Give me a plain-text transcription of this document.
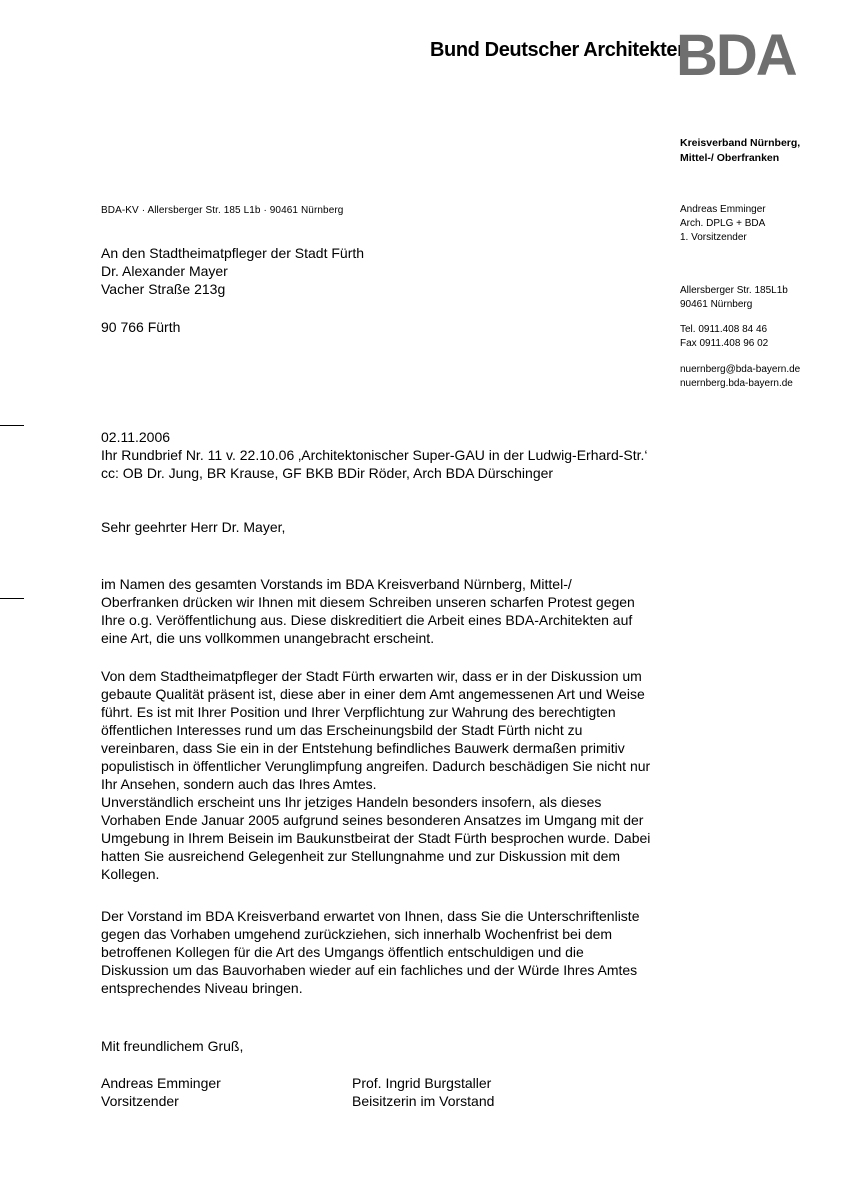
Bund Deutscher Architekten
BDA
Kreisverband Nürnberg,
Mittel-/ Oberfranken
Andreas Emminger
Arch. DPLG + BDA
1. Vorsitzender
Allersberger Str. 185L1b
90461 Nürnberg
Tel. 0911.408 84 46
Fax 0911.408 96 02
nuernberg@bda-bayern.de
nuernberg.bda-bayern.de
BDA-KV · Allersberger Str. 185 L1b · 90461 Nürnberg
An den Stadtheimatpfleger der Stadt Fürth
Dr. Alexander Mayer
Vacher Straße 213g
90 766 Fürth
02.11.2006
Ihr Rundbrief Nr. 11 v. 22.10.06 ‚Architektonischer Super-GAU in der Ludwig-Erhard-Str.‘
cc: OB Dr. Jung, BR Krause, GF BKB BDir Röder, Arch BDA Dürschinger
Sehr geehrter Herr Dr. Mayer,
im Namen des gesamten Vorstands im BDA Kreisverband Nürnberg, Mittel-/
Oberfranken drücken wir Ihnen mit diesem Schreiben unseren scharfen Protest gegen
Ihre o.g. Veröffentlichung aus. Diese diskreditiert die Arbeit eines BDA-Architekten auf
eine Art, die uns vollkommen unangebracht erscheint.
Von dem Stadtheimatpfleger der Stadt Fürth erwarten wir, dass er in der Diskussion um
gebaute Qualität präsent ist, diese aber in einer dem Amt angemessenen Art und Weise
führt. Es ist mit Ihrer Position und Ihrer Verpflichtung zur Wahrung des berechtigten
öffentlichen Interesses rund um das Erscheinungsbild der Stadt Fürth nicht zu
vereinbaren, dass Sie ein in der Entstehung befindliches Bauwerk dermaßen primitiv
populistisch in öffentlicher Verunglimpfung angreifen. Dadurch beschädigen Sie nicht nur
Ihr Ansehen, sondern auch das Ihres Amtes.
Unverständlich erscheint uns Ihr jetziges Handeln besonders insofern, als dieses
Vorhaben Ende Januar 2005 aufgrund seines besonderen Ansatzes im Umgang mit der
Umgebung in Ihrem Beisein im Baukunstbeirat der Stadt Fürth besprochen wurde. Dabei
hatten Sie ausreichend Gelegenheit zur Stellungnahme und zur Diskussion mit dem
Kollegen.
Der Vorstand im BDA Kreisverband erwartet von Ihnen, dass Sie die Unterschriftenliste
gegen das Vorhaben umgehend zurückziehen, sich innerhalb Wochenfrist bei dem
betroffenen Kollegen für die Art des Umgangs öffentlich entschuldigen und die
Diskussion um das Bauvorhaben wieder auf ein fachliches und der Würde Ihres Amtes
entsprechendes Niveau bringen.
Mit freundlichem Gruß,
Andreas Emminger
Vorsitzender
Prof. Ingrid Burgstaller
Beisitzerin im Vorstand
